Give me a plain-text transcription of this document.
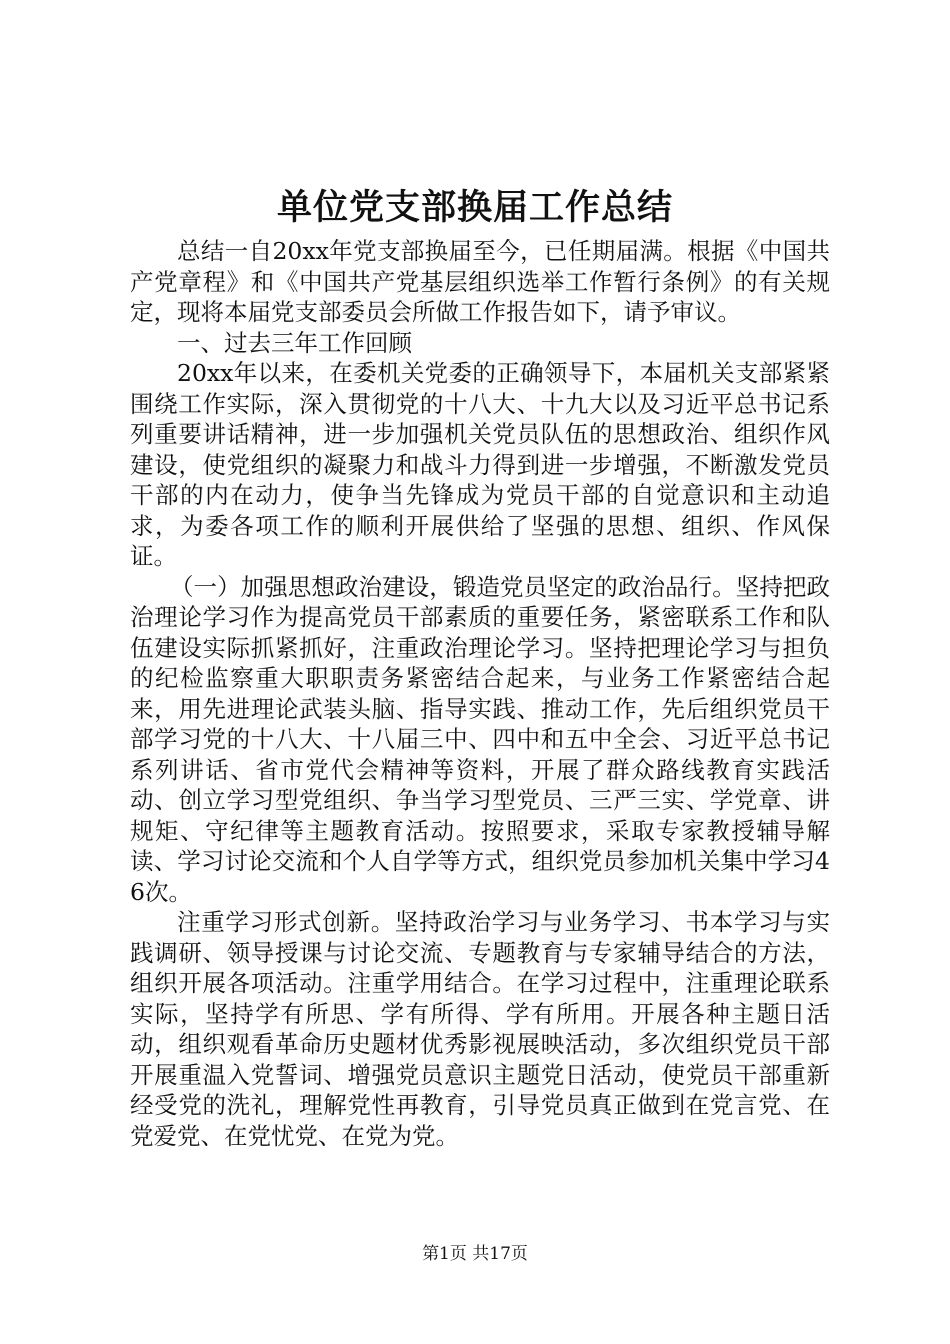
单位党支部换届工作总结

总结一自20xx年党支部换届至今，已任期届满。根据《中国共产党章程》和《中国共产党基层组织选举工作暂行条例》的有关规定，现将本届党支部委员会所做工作报告如下，请予审议。

一、过去三年工作回顾

20xx年以来，在委机关党委的正确领导下，本届机关支部紧紧围绕工作实际，深入贯彻党的十八大、十九大以及习近平总书记系列重要讲话精神，进一步加强机关党员队伍的思想政治、组织作风建设，使党组织的凝聚力和战斗力得到进一步增强，不断激发党员干部的内在动力，使争当先锋成为党员干部的自觉意识和主动追求，为委各项工作的顺利开展供给了坚强的思想、组织、作风保证。

（一）加强思想政治建设，锻造党员坚定的政治品行。坚持把政治理论学习作为提高党员干部素质的重要任务，紧密联系工作和队伍建设实际抓紧抓好，注重政治理论学习。坚持把理论学习与担负的纪检监察重大职职责务紧密结合起来，与业务工作紧密结合起来，用先进理论武装头脑、指导实践、推动工作，先后组织党员干部学习党的十八大、十八届三中、四中和五中全会、习近平总书记系列讲话、省市党代会精神等资料，开展了群众路线教育实践活动、创立学习型党组织、争当学习型党员、三严三实、学党章、讲规矩、守纪律等主题教育活动。按照要求，采取专家教授辅导解读、学习讨论交流和个人自学等方式，组织党员参加机关集中学习46次。

注重学习形式创新。坚持政治学习与业务学习、书本学习与实践调研、领导授课与讨论交流、专题教育与专家辅导结合的方法，组织开展各项活动。注重学用结合。在学习过程中，注重理论联系实际，坚持学有所思、学有所得、学有所用。开展各种主题日活动，组织观看革命历史题材优秀影视展映活动，多次组织党员干部开展重温入党誓词、增强党员意识主题党日活动，使党员干部重新经受党的洗礼，理解党性再教育，引导党员真正做到在党言党、在党爱党、在党忧党、在党为党。

第1页 共17页
